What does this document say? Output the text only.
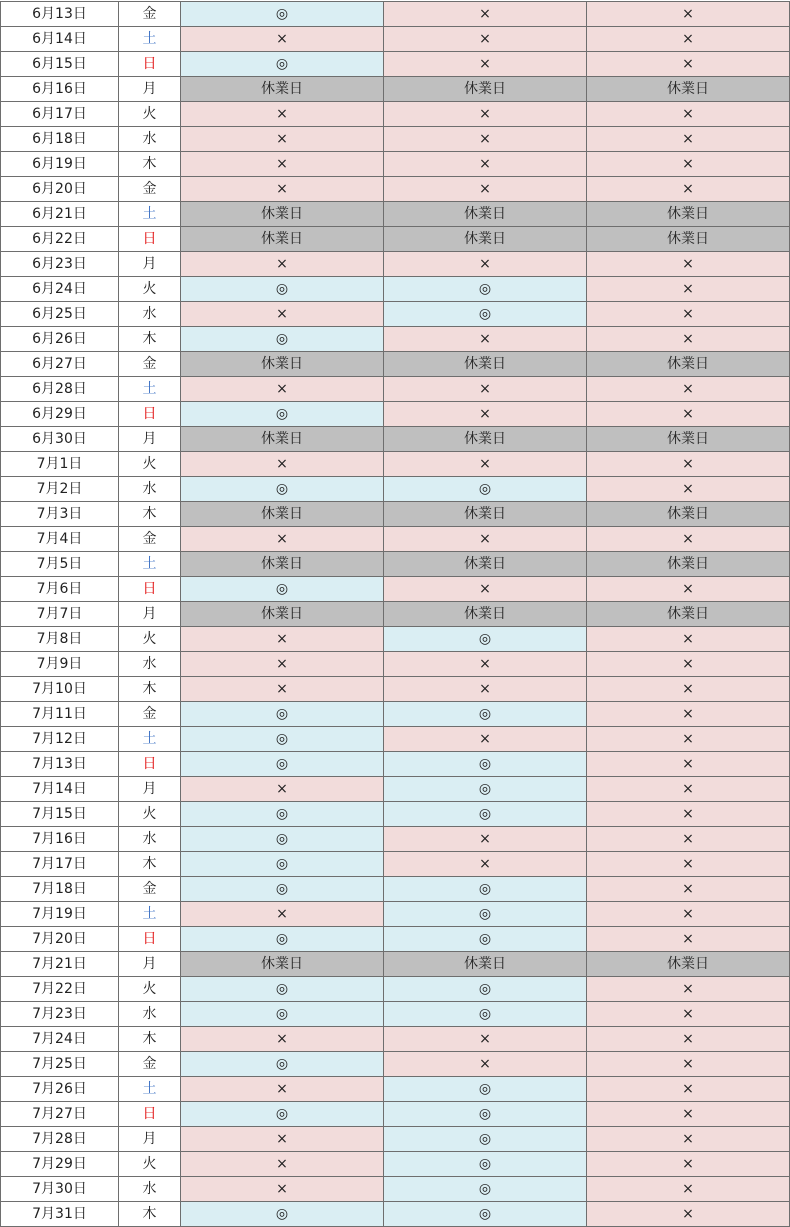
6月13日	金	◎	×	×
6月14日	土	×	×	×
6月15日	日	◎	×	×
6月16日	月	休業日	休業日	休業日
6月17日	火	×	×	×
6月18日	水	×	×	×
6月19日	木	×	×	×
6月20日	金	×	×	×
6月21日	土	休業日	休業日	休業日
6月22日	日	休業日	休業日	休業日
6月23日	月	×	×	×
6月24日	火	◎	◎	×
6月25日	水	×	◎	×
6月26日	木	◎	×	×
6月27日	金	休業日	休業日	休業日
6月28日	土	×	×	×
6月29日	日	◎	×	×
6月30日	月	休業日	休業日	休業日
7月1日	火	×	×	×
7月2日	水	◎	◎	×
7月3日	木	休業日	休業日	休業日
7月4日	金	×	×	×
7月5日	土	休業日	休業日	休業日
7月6日	日	◎	×	×
7月7日	月	休業日	休業日	休業日
7月8日	火	×	◎	×
7月9日	水	×	×	×
7月10日	木	×	×	×
7月11日	金	◎	◎	×
7月12日	土	◎	×	×
7月13日	日	◎	◎	×
7月14日	月	×	◎	×
7月15日	火	◎	◎	×
7月16日	水	◎	×	×
7月17日	木	◎	×	×
7月18日	金	◎	◎	×
7月19日	土	×	◎	×
7月20日	日	◎	◎	×
7月21日	月	休業日	休業日	休業日
7月22日	火	◎	◎	×
7月23日	水	◎	◎	×
7月24日	木	×	×	×
7月25日	金	◎	×	×
7月26日	土	×	◎	×
7月27日	日	◎	◎	×
7月28日	月	×	◎	×
7月29日	火	×	◎	×
7月30日	水	×	◎	×
7月31日	木	◎	◎	×
